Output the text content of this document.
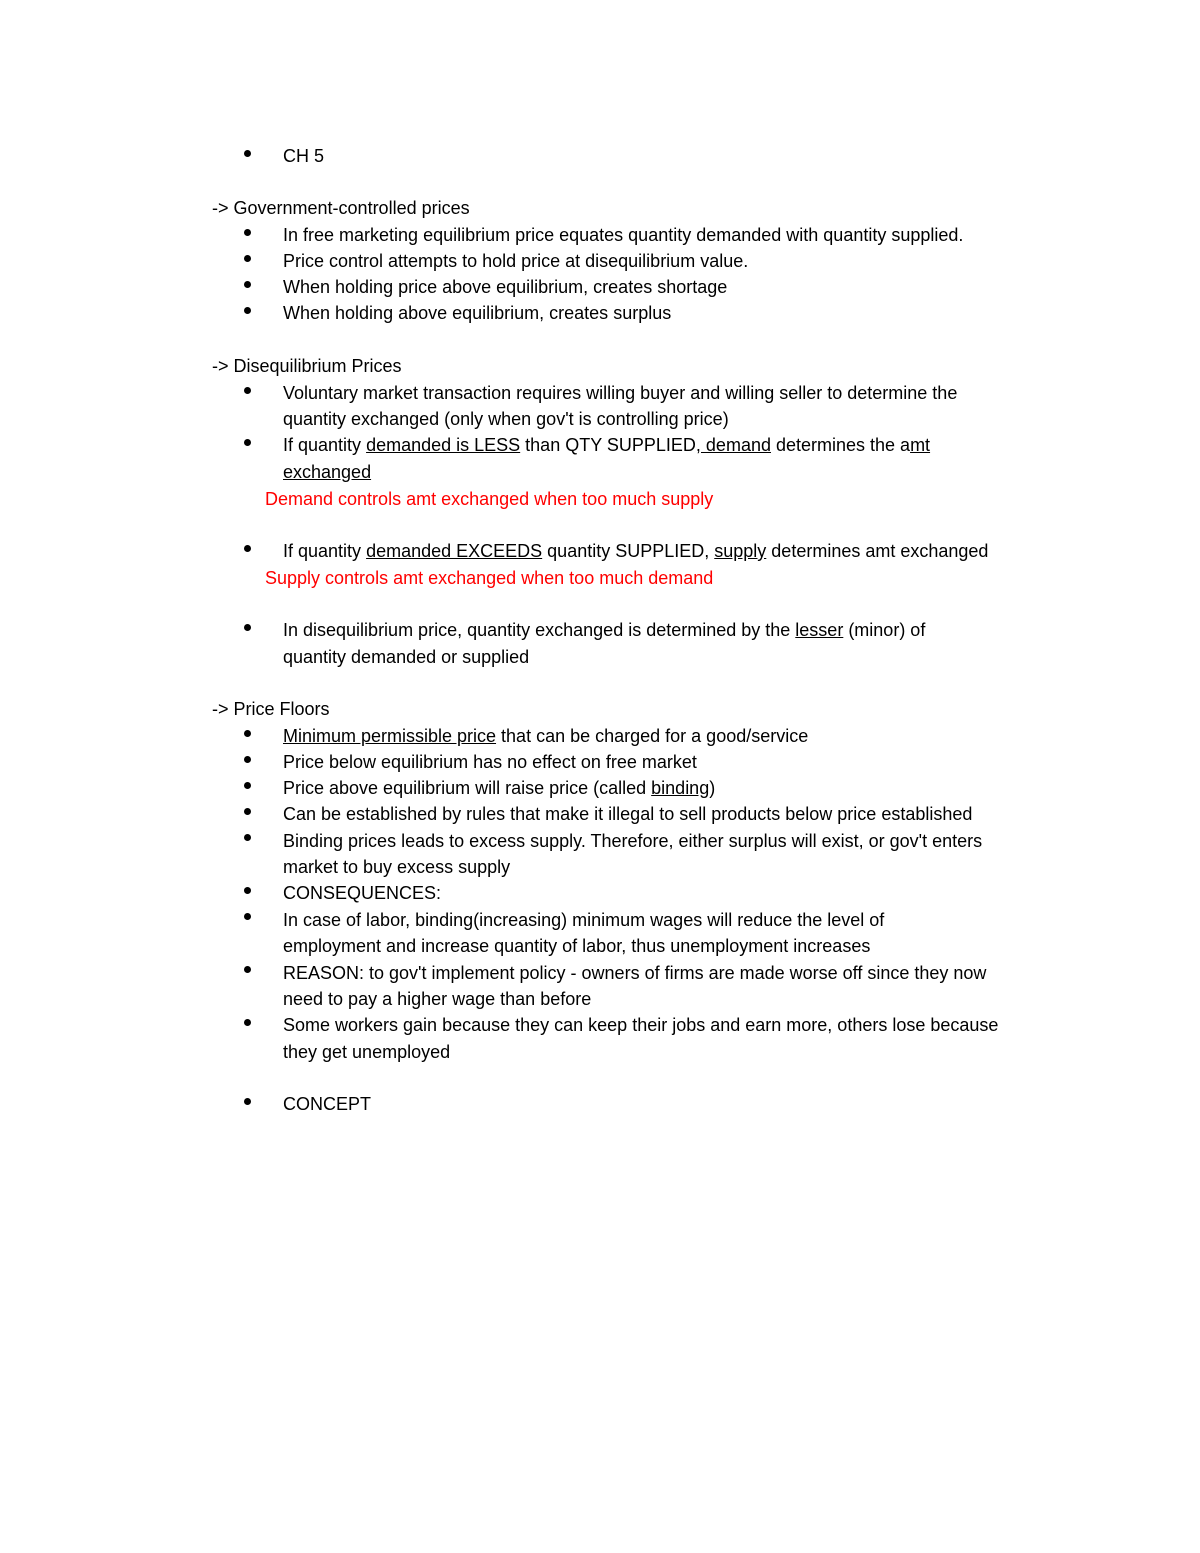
CH 5
-> Government-controlled prices
In free marketing equilibrium price equates quantity demanded with quantity supplied.
Price control attempts to hold price at disequilibrium value.
When holding price above equilibrium, creates shortage
When holding above equilibrium, creates surplus
-> Disequilibrium Prices
Voluntary market transaction requires willing buyer and willing seller to determine the
quantity exchanged (only when gov't is controlling price)
If quantity demanded is LESS than QTY SUPPLIED, demand determines the amt
exchanged
Demand controls amt exchanged when too much supply
If quantity demanded EXCEEDS quantity SUPPLIED, supply determines amt exchanged
Supply controls amt exchanged when too much demand
In disequilibrium price, quantity exchanged is determined by the lesser (minor) of
quantity demanded or supplied
-> Price Floors
Minimum permissible price that can be charged for a good/service
Price below equilibrium has no effect on free market
Price above equilibrium will raise price (called binding)
Can be established by rules that make it illegal to sell products below price established
Binding prices leads to excess supply. Therefore, either surplus will exist, or gov't enters
market to buy excess supply
CONSEQUENCES:
In case of labor, binding(increasing) minimum wages will reduce the level of
employment and increase quantity of labor, thus unemployment increases
REASON: to gov't implement policy - owners of firms are made worse off since they now
need to pay a higher wage than before
Some workers gain because they can keep their jobs and earn more, others lose because
they get unemployed
CONCEPT
